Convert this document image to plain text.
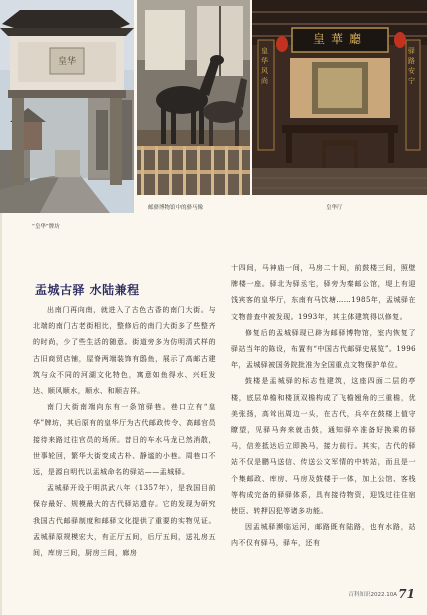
皇华
皇華廳
皇华风尚
驿路安宁
“皇华”牌坊
邮驿博物馆中的驿马像	皇华厅
盂城古驿 水陆兼程

出南门再向南，就进入了古色古香的南门大街。与北端的南门古老街相比，整修后的南门大街多了些整齐的时尚，少了些生活的随意。街道旁多为仿明清式样的古旧商贸店铺，屋脊两端装饰有鸱鱼，展示了高邮古建筑与众不同的河湖文化特色，寓意如鱼得水、兴旺发达、顺风顺水，顺水、和顺吉祥。

南门大街南端向东有一条馆驿巷。巷口立有“皇华”牌坊，其后原有的皇华厅为古代邮政传令、高邮官员接待来路过往官员的场所。昔日的车水马龙已然消散，世事轮回，繁华大街变成古朴、静谧的小巷。周巷口不远，是源自明代以盂城命名的驿站——盂城驿。

盂城驿开设于明洪武八年（1357年），是我国目前保存最好、规模最大的古代驿站遗存。它的发现为研究我国古代邮驿制度和邮驿文化提供了重要的实物见证。盂城驿原规模宏大，有正厅五间，后厅五间，送礼房五间，库房三间，厨房三间，廊房

十四间，马神庙一间，马房二十间，前鼓楼三间，照壁牌楼一座。驿北为驿丞宅，驿旁为秦邮公馆，堤上有迎饯宾客的皇华厅，东南有马饮塘……1985年，盂城驿在文物普查中被发现。1993年，其主体建筑得以修复。

修复后的盂城驿现已辟为邮驿博物馆，室内恢复了驿站当年的陈设，布置有“中国古代邮驿史展览”。1996年，盂城驿被国务院批准为全国重点文物保护单位。

鼓楼是盂城驿的标志性建筑，这座四面二层的亭楼，底层单檐和楼顶双檐构成了飞檐翘角的三重檐，优美张扬，高耸出周边一头，在古代，兵卒在鼓楼上值守瞭望，见驿马奔来就击鼓，通知驿卒准备好换乘的驿马，信差抵达后立即换马，接力前行。其实，古代的驿站不仅是鹏马送信、传送公文军情的中转站，而且是一个集邮政、库房、马房及鼓楼于一体，加上公馆、客栈等构成完备的驿驿体系，具有接待物资，迎饯过往住宿使臣、转押囚犯等诸多功能。

因盂城驿濒临运河，邮路既有陆路，也有水路，站内不仅有驿马，驿车，还有

百科知识2022.10A 71
